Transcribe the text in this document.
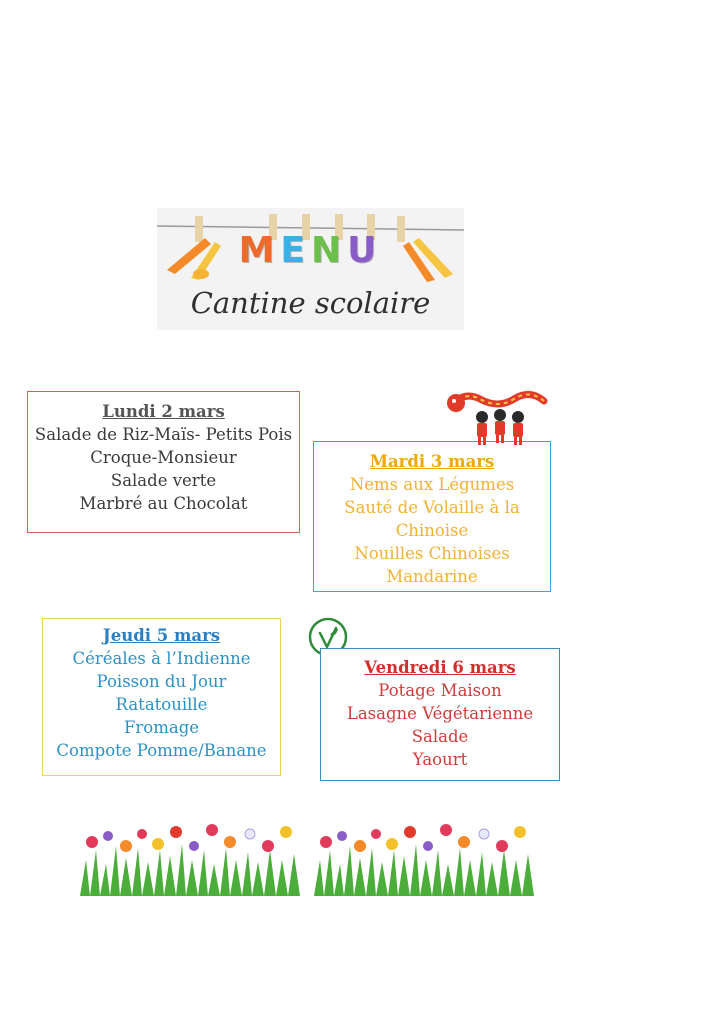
MENU
Cantine scolaire
Lundi 2 mars
Salade de Riz-Maïs- Petits Pois
Croque-Monsieur
Salade verte
Marbré au Chocolat
Mardi 3 mars
Nems aux Légumes
Sauté de Volaille à la
Chinoise
Nouilles Chinoises
Mandarine
Jeudi 5 mars
Céréales à l’Indienne
Poisson du Jour
Ratatouille
Fromage
Compote Pomme/Banane
Vendredi 6 mars
Potage Maison
Lasagne Végétarienne
Salade
Yaourt
